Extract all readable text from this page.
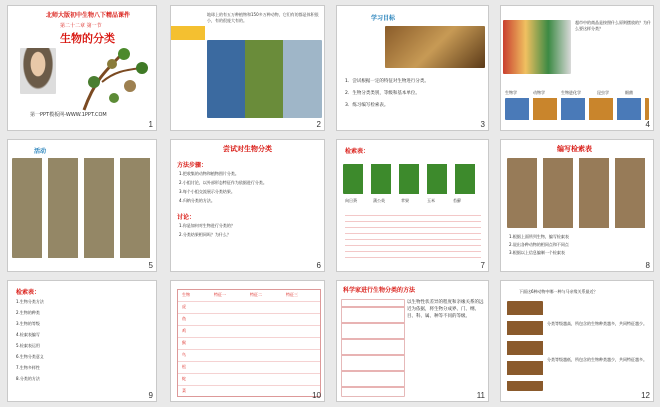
北师大版初中生物八下精品课件
第二十二章 第一节
生物的分类
第一PPT模板网-WWW.1PPT.COM
1
地球上的有五万种植物和150多万种动物，它们有的都是体积很小，有的很庞大有的。
2
学习目标
1．尝试根据一定的特征对生物进行分类。
2．生物分类类别，等级和基本单位。
3．练习编写检索表。
3
超市中的商品是按照什么原则摆放的？为什么要这样分类？
生物学	动物学	生物进化学	昆虫学	细菌
4
活动
5
尝试对生物分类
方法步骤：
1.把收集的动物和植物图片分类。
2.小组讨论，以外部形态特征作为依据进行分类。
3.每个小组交流展示分类结果。
4.归纳分类的方法。
讨论：
1.你是如何对生物进行分类的？
2.分类结果相同吗？为什么？
6
检索表：
向日葵	蒲公英	苹果	玉米	苔藓
7
编写检索表
1.根据上面所列生物，编写检索表
2.说出各种动物的相同点和不同点
3.根据以上信息编制一个检索表
8
检索表：
1.生物分类方法
2.生物的种类
3.生物的等级
4.检索表编写
5.检索表运用
6.生物分类意义
7.生物多样性
8.分类的方法
9
生物	特征一	特征二	特征三
虎
鱼
鸡
猴
鸟
松
蛇
菜
10
科学家进行生物分类的方法
以生物性状差异的程度和亲缘关系的远近为依据，将生物分成界、门、纲、目、科、属、种等不同的等级。
11
下面这6种动物中哪一种与马亲缘关系最近？
分类等级越高，所包含的生物种类越多，共同特征越少。
分类等级越低，所包含的生物种类越少，共同特征越多。
12
